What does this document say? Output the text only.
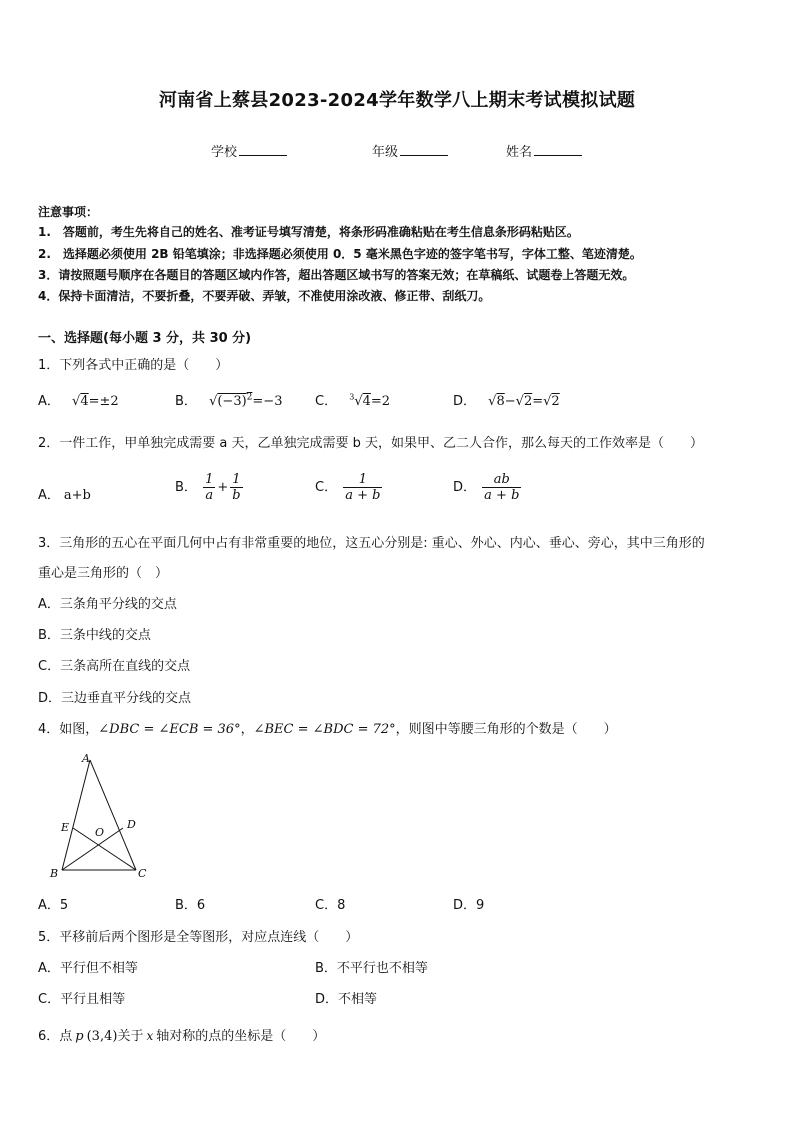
河南省上蔡县2023-2024学年数学八上期末考试模拟试题
学校	年级	姓名
注意事项：
1.　答题前，考生先将自己的姓名、准考证号填写清楚，将条形码准确粘贴在考生信息条形码粘贴区。
2.　选择题必须使用 2B 铅笔填涂；非选择题必须使用 0．5 毫米黑色字迹的签字笔书写，字体工整、笔迹清楚。
3．请按照题号顺序在各题目的答题区域内作答，超出答题区域书写的答案无效；在草稿纸、试题卷上答题无效。
4．保持卡面清洁，不要折叠，不要弄破、弄皱，不准使用涂改液、修正带、刮纸刀。
一、选择题(每小题 3 分，共 30 分)
1．下列各式中正确的是（　　）
A． √4=±2	B． $√(-3)^2=-3$	C． $^3$√4=2	D． √8−√2=√2
2．一件工作，甲单独完成需要 a 天，乙单独完成需要 b 天，如果甲、乙二人合作，那么每天的工作效率是（　　）
A． a+b
B． $\frac{1}{a} + \frac{1}{b}$	C． $\frac{1}{a + b}$	D． $\frac{ab}{a + b}$
3．三角形的五心在平面几何中占有非常重要的地位，这五心分别是: 重心、外心、内心、垂心、旁心，其中三角形的
重心是三角形的（　）
A．三条角平分线的交点
B．三条中线的交点
C．三条高所在直线的交点
D．三边垂直平分线的交点
4．如图，∠DBC = ∠ECB = 36°，∠BEC = ∠BDC = 72°，则图中等腰三角形的个数是（　　）
A
B	C
D
E O
A．5	B．6	C．8	D．9
5．平移前后两个图形是全等图形，对应点连线（　　）
A．平行但不相等	B．不平行也不相等
C．平行且相等	D．不相等
6．点 p (3,4)关于 x 轴对称的点的坐标是（　　）
